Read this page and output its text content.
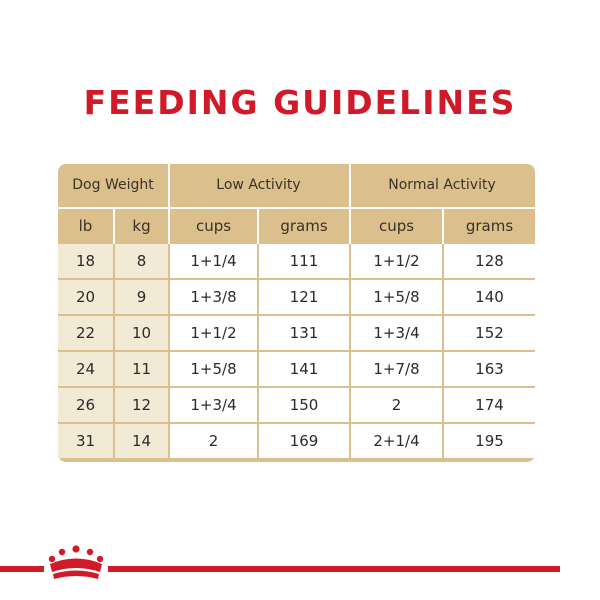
FEEDING GUIDELINES
Dog Weight	Low Activity	Normal Activity
lb	kg	cups	grams	cups	grams
18	8	1+1/4	111	1+1/2	128
20	9	1+3/8	121	1+5/8	140
22	10	1+1/2	131	1+3/4	152
24	11	1+5/8	141	1+7/8	163
26	12	1+3/4	150	2	174
31	14	2	169	2+1/4	195
